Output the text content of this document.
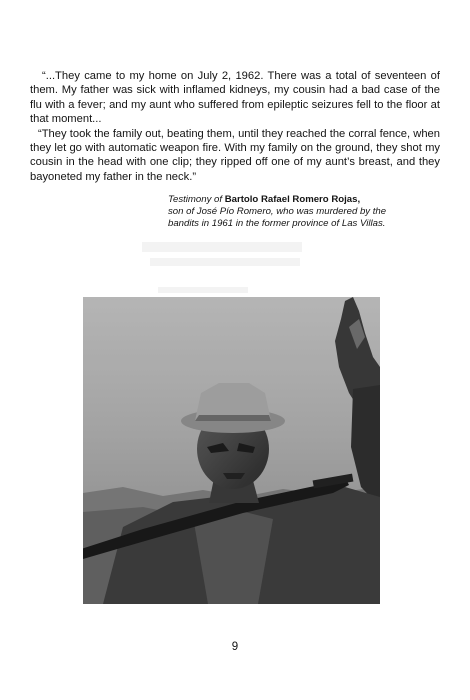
“...They came to my home on July 2, 1962. There was a total of seventeen of them. My father was sick with inflamed kidneys, my cousin had a bad case of the flu with a fever; and my aunt who suffered from epileptic seizures fell to the floor at that moment...

“They took the family out, beating them, until they reached the corral fence, when they let go with automatic weapon fire. With my family on the ground, they shot my cousin in the head with one clip; they ripped off one of my aunt’s breast, and they bayoneted my father in the neck.”

Testimony of Bartolo Rafael Romero Rojas,
son of José Pío Romero, who was murdered by the bandits in 1961 in the former province of Las Villas.
9
